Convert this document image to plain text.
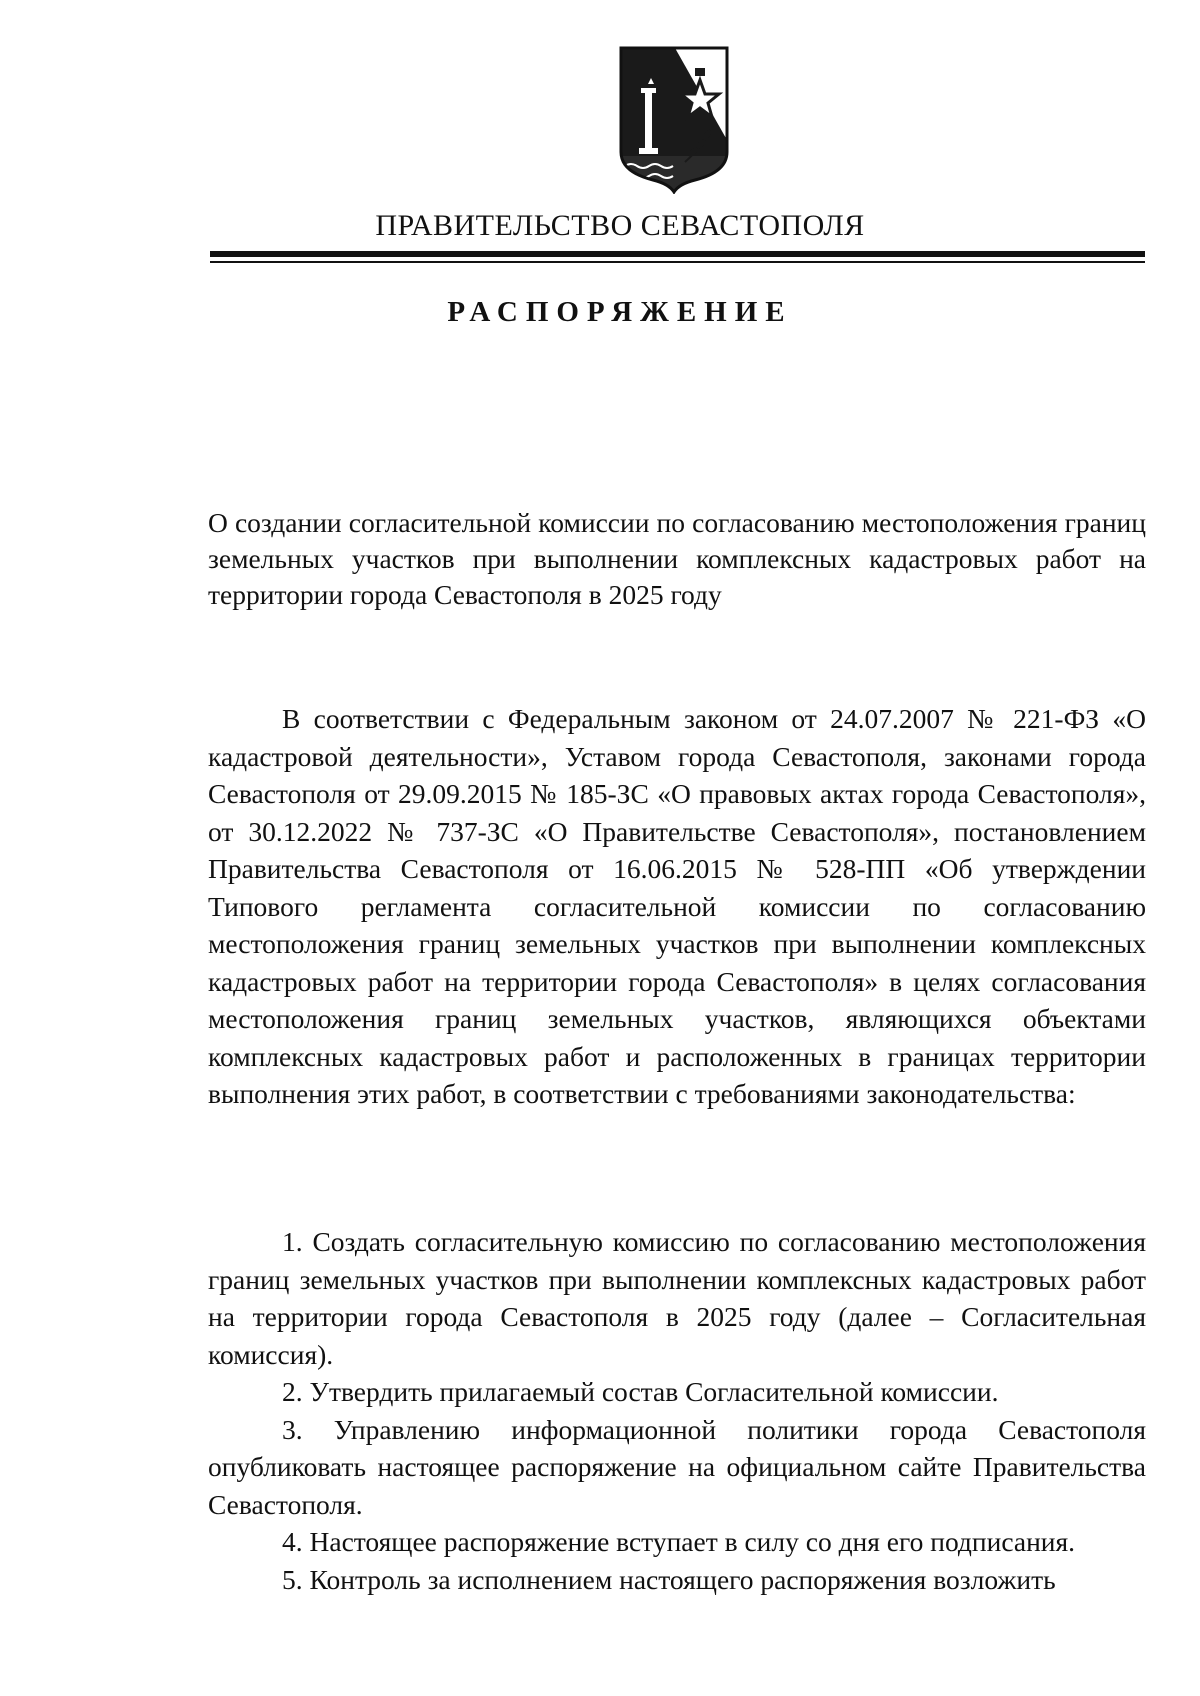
ПРАВИТЕЛЬСТВО СЕВАСТОПОЛЯ
РАСПОРЯЖЕНИЕ
О создании согласительной комиссии по согласованию местоположения границ земельных участков при выполнении комплексных кадастровых работ на территории города Севастополя в 2025 году
В соответствии с Федеральным законом от 24.07.2007 № 221-ФЗ «О кадастровой деятельности», Уставом города Севастополя, законами города Севастополя от 29.09.2015 № 185-ЗС «О правовых актах города Севастополя», от 30.12.2022 № 737-ЗС «О Правительстве Севастополя», постановлением Правительства Севастополя от 16.06.2015 № 528-ПП «Об утверждении Типового регламента согласительной комиссии по согласованию местоположения границ земельных участков при выполнении комплексных кадастровых работ на территории города Севастополя» в целях согласования местоположения границ земельных участков, являющихся объектами комплексных кадастровых работ и расположенных в границах территории выполнения этих работ, в соответствии с требованиями законодательства:

1. Создать согласительную комиссию по согласованию местоположения границ земельных участков при выполнении комплексных кадастровых работ на территории города Севастополя в 2025 году (далее – Согласительная комиссия).

2. Утвердить прилагаемый состав Согласительной комиссии.

3. Управлению информационной политики города Севастополя опубликовать настоящее распоряжение на официальном сайте Правительства Севастополя.

4. Настоящее распоряжение вступает в силу со дня его подписания.

5. Контроль за исполнением настоящего распоряжения возложить
